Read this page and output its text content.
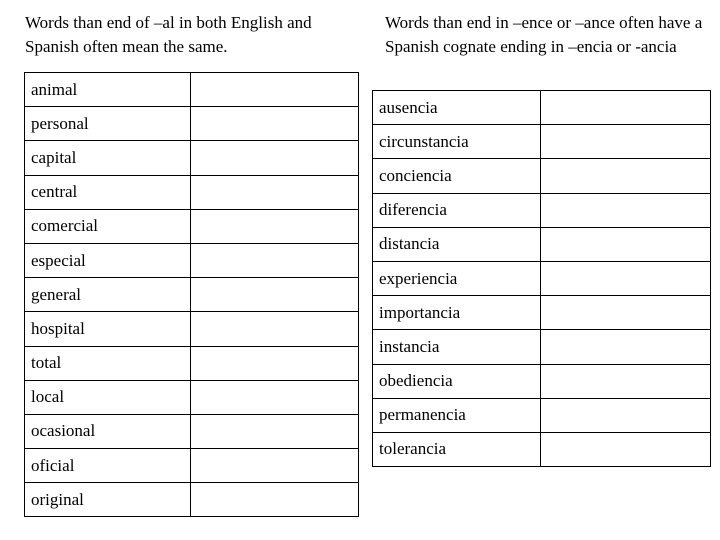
Words than end of –al in both English and Spanish often mean the same.

Words than end in –ence or –ance often have a Spanish cognate ending in –encia or -ancia

animal	
personal	
capital	
central	
comercial	
especial	
general	
hospital	
total	
local	
ocasional	
oficial	
original	
ausencia	
circunstancia	
conciencia	
diferencia	
distancia	
experiencia	
importancia	
instancia	
obediencia	
permanencia	
tolerancia	
